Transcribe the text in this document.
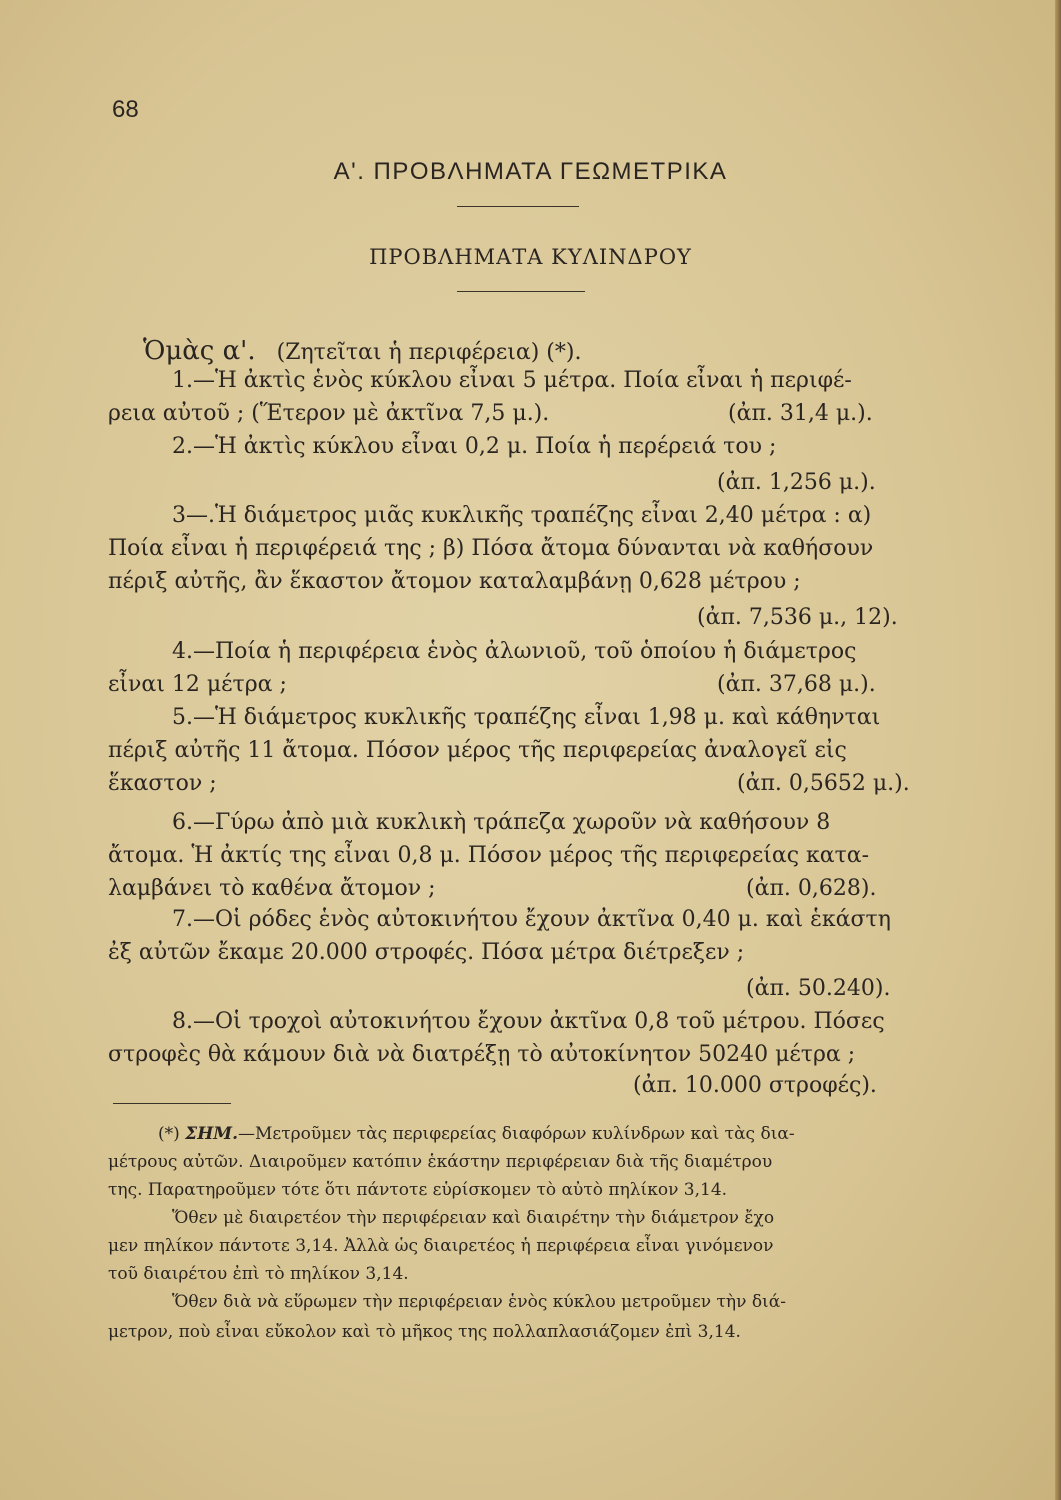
68
Α'. ΠΡΟΒΛΗΜΑΤΑ ΓΕΩΜΕΤΡΙΚΑ
ΠΡΟΒΛΗΜΑΤΑ ΚΥΛΙΝΔΡΟΥ
Ὁμὰς α'. (Ζητεῖται ἡ περιφέρεια) (*).
1.—Ἡ ἀκτὶς ἑνὸς κύκλου εἶναι 5 μέτρα. Ποία εἶναι ἡ περιφέ-
ρεια αὐτοῦ ; (Ἕτερον μὲ ἀκτῖνα 7,5 μ.).	(ἀπ. 31,4 μ.).
2.—Ἡ ἀκτὶς κύκλου εἶναι 0,2 μ. Ποία ἡ περέρειά του ;
(ἀπ. 1,256 μ.).
3—.Ἡ διάμετρος μιᾶς κυκλικῆς τραπέζης εἶναι 2,40 μέτρα : α)
Ποία εἶναι ἡ περιφέρειά της ; β) Πόσα ἄτομα δύνανται νὰ καθήσουν
πέριξ αὐτῆς, ἂν ἕκαστον ἄτομον καταλαμβάνῃ 0,628 μέτρου ;
(ἀπ. 7,536 μ., 12).
4.—Ποία ἡ περιφέρεια ἑνὸς ἀλωνιοῦ, τοῦ ὁποίου ἡ διάμετρος
εἶναι 12 μέτρα ;	(ἀπ. 37,68 μ.).
5.—Ἡ διάμετρος κυκλικῆς τραπέζης εἶναι 1,98 μ. καὶ κάθηνται
πέριξ αὐτῆς 11 ἄτομα. Πόσον μέρος τῆς περιφερείας ἀναλογεῖ εἰς
ἕκαστον ;	(ἀπ. 0,5652 μ.).
6.—Γύρω ἀπὸ μιὰ κυκλικὴ τράπεζα χωροῦν νὰ καθήσουν 8
ἄτομα. Ἡ ἀκτίς της εἶναι 0,8 μ. Πόσον μέρος τῆς περιφερείας κατα-
λαμβάνει τὸ καθένα ἄτομον ;	(ἀπ. 0,628).
7.—Οἱ ρόδες ἑνὸς αὐτοκινήτου ἔχουν ἀκτῖνα 0,40 μ. καὶ ἑκάστη
ἐξ αὐτῶν ἔκαμε 20.000 στροφές. Πόσα μέτρα διέτρεξεν ;
(ἀπ. 50.240).
8.—Οἱ τροχοὶ αὐτοκινήτου ἔχουν ἀκτῖνα 0,8 τοῦ μέτρου. Πόσες
στροφὲς θὰ κάμουν διὰ νὰ διατρέξῃ τὸ αὐτοκίνητον 50240 μέτρα ;
(ἀπ. 10.000 στροφές).
(*) ΣΗΜ.—Μετροῦμεν τὰς περιφερείας διαφόρων κυλίνδρων καὶ τὰς δια-
μέτρους αὐτῶν. Διαιροῦμεν κατόπιν ἑκάστην περιφέρειαν διὰ τῆς διαμέτρου
της. Παρατηροῦμεν τότε ὅτι πάντοτε εὑρίσκομεν τὸ αὐτὸ πηλίκον 3,14.
Ὅθεν μὲ διαιρετέον τὴν περιφέρειαν καὶ διαιρέτην τὴν διάμετρον ἔχο
μεν πηλίκον πάντοτε 3,14. Ἀλλὰ ὡς διαιρετέος ἡ περιφέρεια εἶναι γινόμενον
τοῦ διαιρέτου ἐπὶ τὸ πηλίκον 3,14.
Ὅθεν διὰ νὰ εὕρωμεν τὴν περιφέρειαν ἑνὸς κύκλου μετροῦμεν τὴν διά-
μετρον, ποὺ εἶναι εὔκολον καὶ τὸ μῆκος της πολλαπλασιάζομεν ἐπὶ 3,14.
